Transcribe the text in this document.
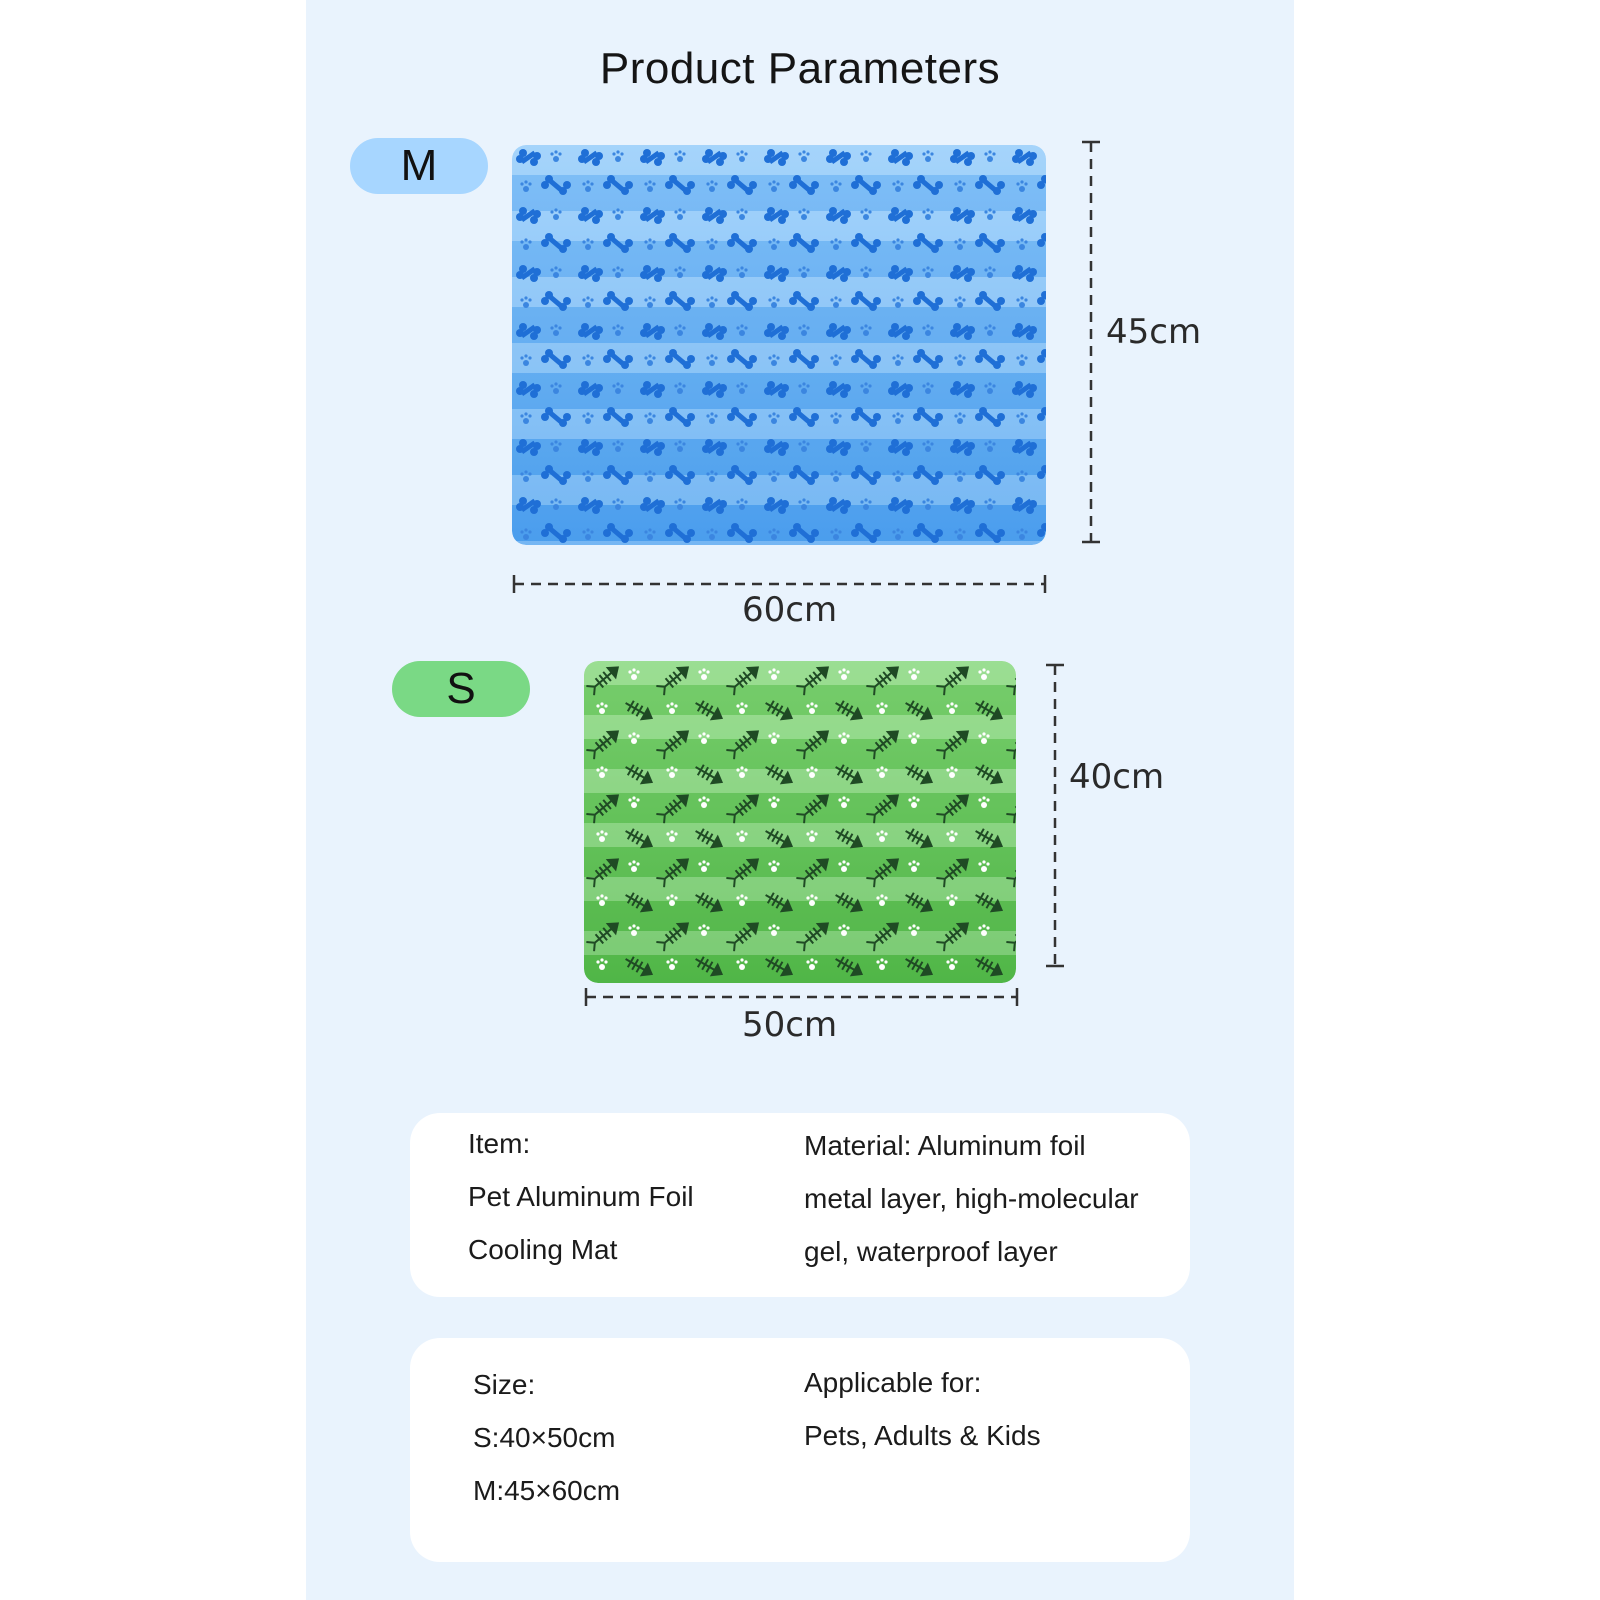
Product Parameters
M
45cm
60cm
S
40cm
50cm
Item:
Pet Aluminum Foil
Cooling Mat
Material: Aluminum foil
metal layer, high-molecular
gel, waterproof layer
Size:
S:40×50cm
M:45×60cm
Applicable for:
Pets, Adults & Kids
